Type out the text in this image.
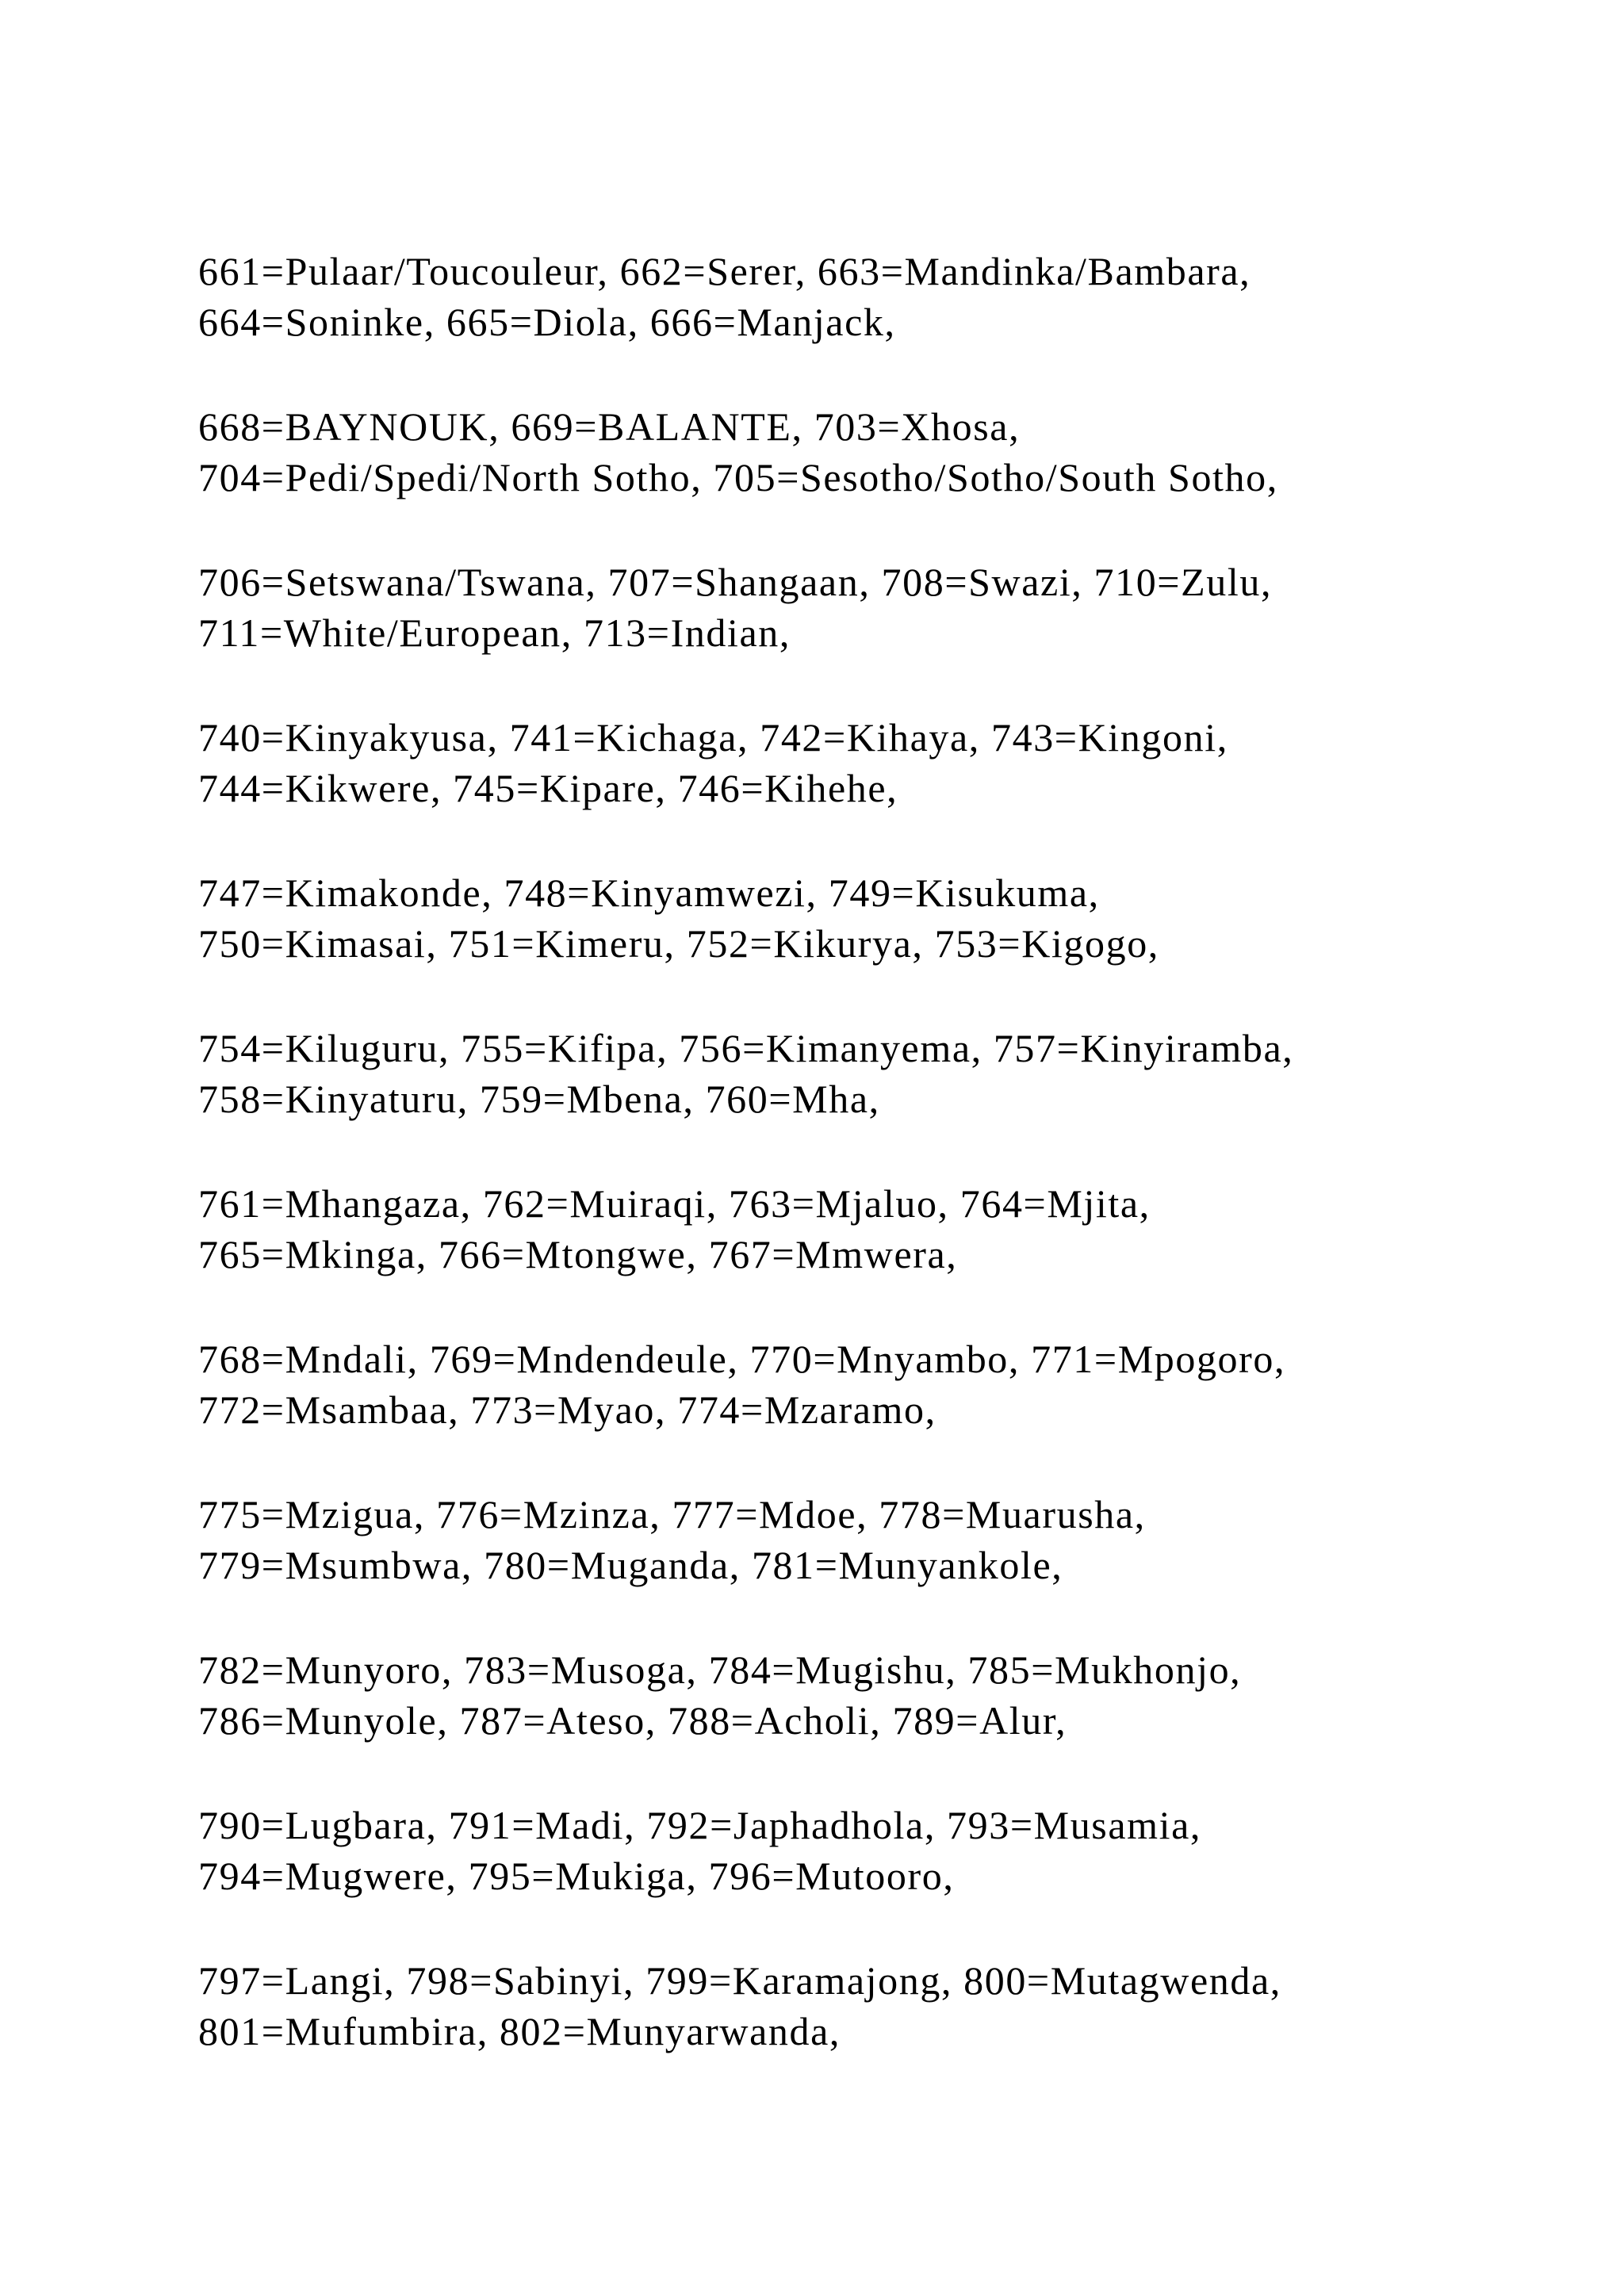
661=Pulaar/Toucouleur, 662=Serer, 663=Mandinka/Bambara,
664=Soninke, 665=Diola, 666=Manjack,

668=BAYNOUK, 669=BALANTE, 703=Xhosa,
704=Pedi/Spedi/North Sotho, 705=Sesotho/Sotho/South Sotho,

706=Setswana/Tswana, 707=Shangaan, 708=Swazi, 710=Zulu,
711=White/European, 713=Indian,

740=Kinyakyusa, 741=Kichaga, 742=Kihaya, 743=Kingoni,
744=Kikwere, 745=Kipare, 746=Kihehe,

747=Kimakonde, 748=Kinyamwezi, 749=Kisukuma,
750=Kimasai, 751=Kimeru, 752=Kikurya, 753=Kigogo,

754=Kiluguru, 755=Kifipa, 756=Kimanyema, 757=Kinyiramba,
758=Kinyaturu, 759=Mbena, 760=Mha,

761=Mhangaza, 762=Muiraqi, 763=Mjaluo, 764=Mjita,
765=Mkinga, 766=Mtongwe, 767=Mmwera,

768=Mndali, 769=Mndendeule, 770=Mnyambo, 771=Mpogoro,
772=Msambaa, 773=Myao, 774=Mzaramo,

775=Mzigua, 776=Mzinza, 777=Mdoe, 778=Muarusha,
779=Msumbwa, 780=Muganda, 781=Munyankole,

782=Munyoro, 783=Musoga, 784=Mugishu, 785=Mukhonjo,
786=Munyole, 787=Ateso, 788=Acholi, 789=Alur,

790=Lugbara, 791=Madi, 792=Japhadhola, 793=Musamia,
794=Mugwere, 795=Mukiga, 796=Mutooro,

797=Langi, 798=Sabinyi, 799=Karamajong, 800=Mutagwenda,
801=Mufumbira, 802=Munyarwanda,
